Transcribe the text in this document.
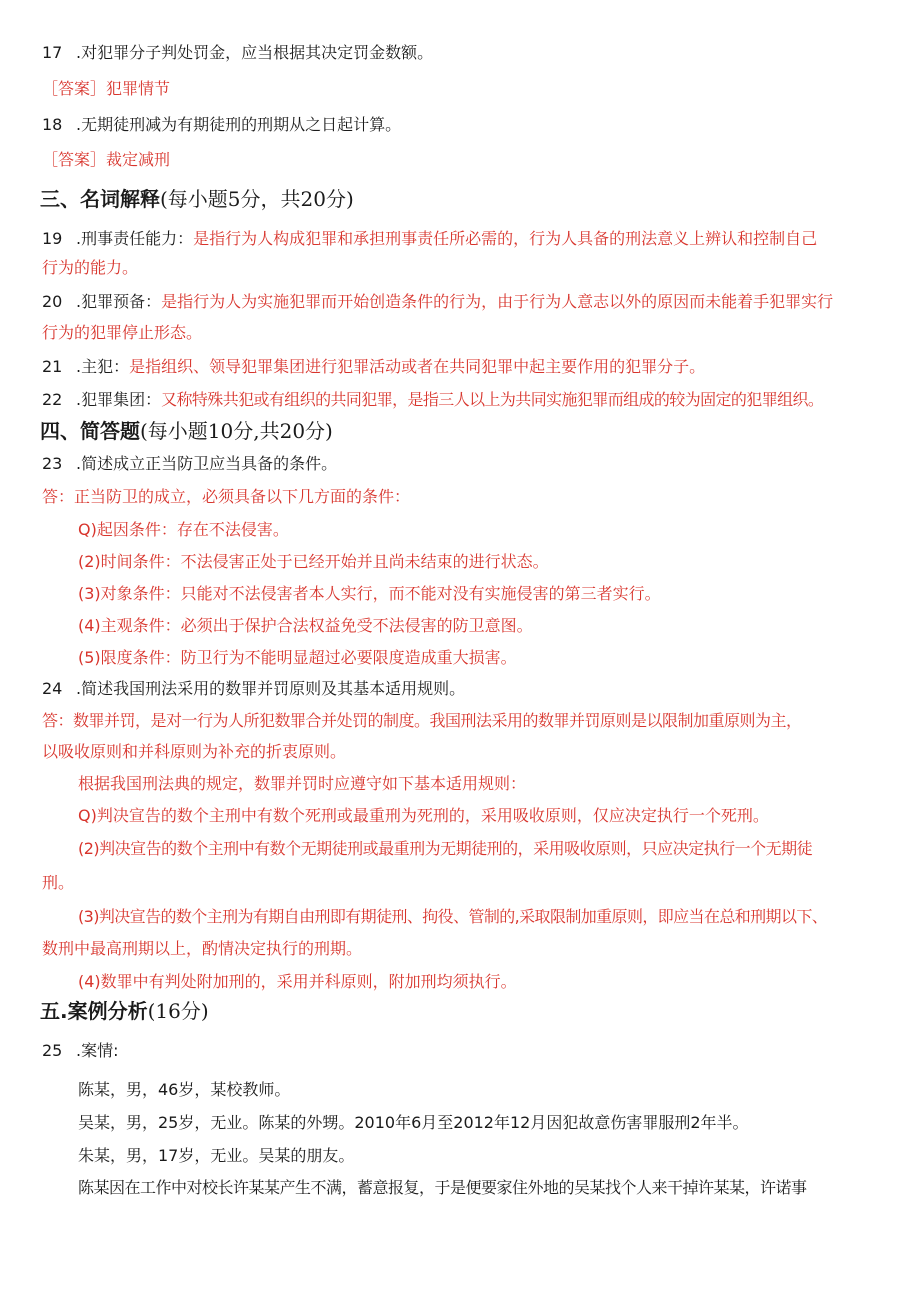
17 .对犯罪分子判处罚金，应当根据其决定罚金数额。
［答案］犯罪情节
18 .无期徒刑减为有期徒刑的刑期从之日起计算。
［答案］裁定减刑
三、名词解释(每小题5分，共20分)
19 .刑事责任能力：是指行为人构成犯罪和承担刑事责任所必需的，行为人具备的刑法意义上辨认和控制自己
行为的能力。
20 .犯罪预备：是指行为人为实施犯罪而开始创造条件的行为，由于行为人意志以外的原因而未能着手犯罪实行
行为的犯罪停止形态。
21 .主犯：是指组织、领导犯罪集团进行犯罪活动或者在共同犯罪中起主要作用的犯罪分子。
22 .犯罪集团：又称特殊共犯或有组织的共同犯罪，是指三人以上为共同实施犯罪而组成的较为固定的犯罪组织。
四、简答题(每小题10分,共20分)
23 .简述成立正当防卫应当具备的条件。
答：正当防卫的成立，必须具备以下几方面的条件：
Q)起因条件：存在不法侵害。
(2)时间条件：不法侵害正处于已经开始并且尚未结束的进行状态。
(3)对象条件：只能对不法侵害者本人实行，而不能对没有实施侵害的第三者实行。
(4)主观条件：必须出于保护合法权益免受不法侵害的防卫意图。
(5)限度条件：防卫行为不能明显超过必要限度造成重大损害。
24 .简述我国刑法采用的数罪并罚原则及其基本适用规则。
答：数罪并罚，是对一行为人所犯数罪合并处罚的制度。我国刑法采用的数罪并罚原则是以限制加重原则为主，
以吸收原则和并科原则为补充的折衷原则。
根据我国刑法典的规定，数罪并罚时应遵守如下基本适用规则：
Q)判决宣告的数个主刑中有数个死刑或最重刑为死刑的，采用吸收原则，仅应决定执行一个死刑。
(2)判决宣告的数个主刑中有数个无期徒刑或最重刑为无期徒刑的，采用吸收原则，只应决定执行一个无期徒
刑。
(3)判决宣告的数个主刑为有期自由刑即有期徒刑、拘役、管制的,采取限制加重原则，即应当在总和刑期以下、
数刑中最高刑期以上，酌情决定执行的刑期。
(4)数罪中有判处附加刑的，采用并科原则，附加刑均须执行。
五.案例分析(16分)
25 .案情:
陈某，男，46岁，某校教师。
吴某，男，25岁，无业。陈某的外甥。2010年6月至2012年12月因犯故意伤害罪服刑2年半。
朱某，男，17岁，无业。吴某的朋友。
陈某因在工作中对校长许某某产生不满，蓄意报复，于是便要家住外地的吴某找个人来干掉许某某，许诺事
